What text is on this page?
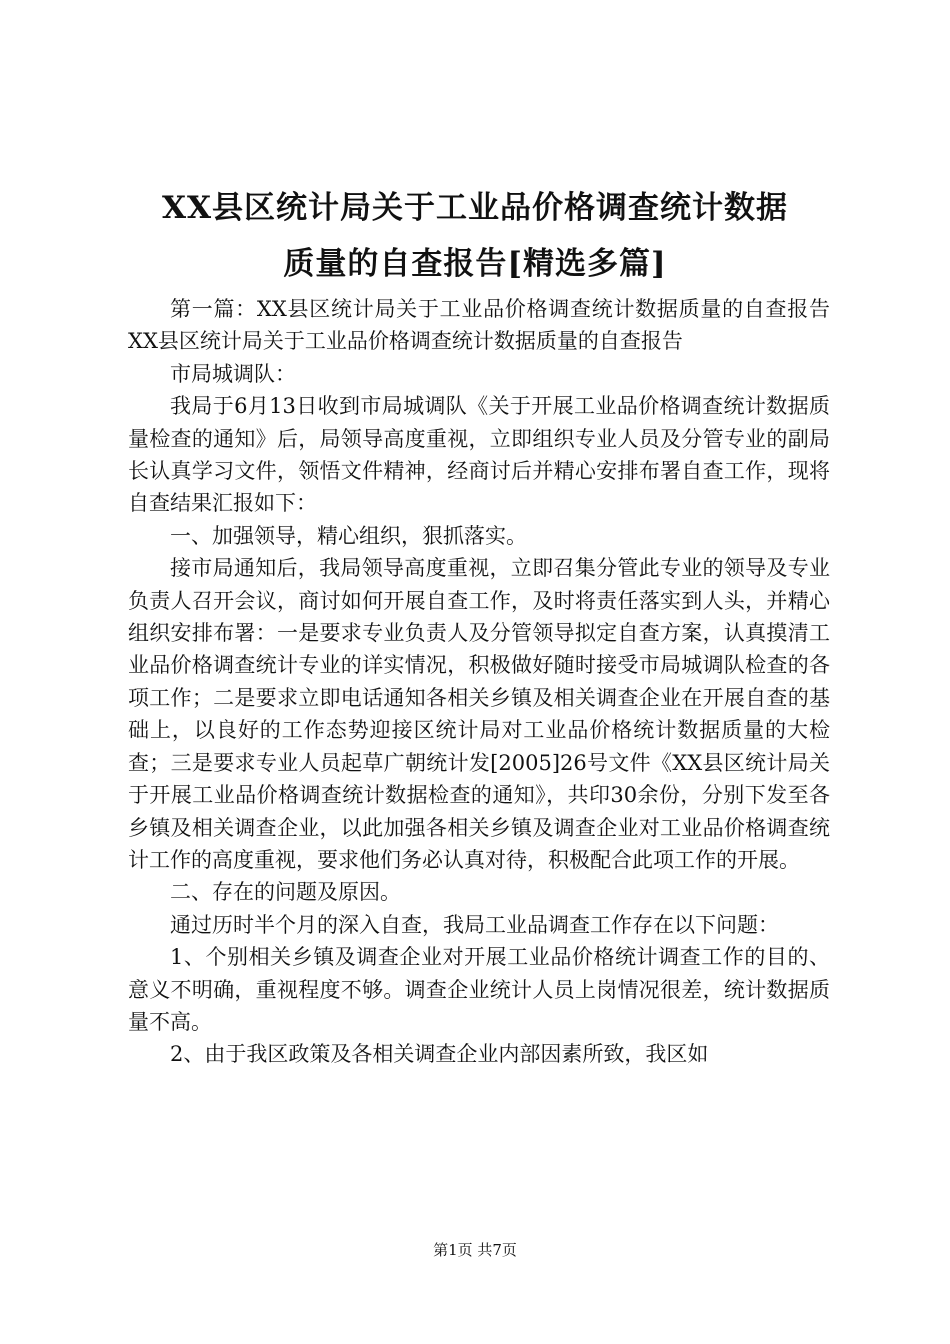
XX县区统计局关于工业品价格调查统计数据
质量的自查报告[精选多篇]

第一篇：XX县区统计局关于工业品价格调查统计数据质量的自查报告XX县区统计局关于工业品价格调查统计数据质量的自查报告

市局城调队：

我局于6月13日收到市局城调队《关于开展工业品价格调查统计数据质量检查的通知》后，局领导高度重视，立即组织专业人员及分管专业的副局长认真学习文件，领悟文件精神，经商讨后并精心安排布署自查工作，现将自查结果汇报如下：

一、加强领导，精心组织，狠抓落实。

接市局通知后，我局领导高度重视，立即召集分管此专业的领导及专业负责人召开会议，商讨如何开展自查工作，及时将责任落实到人头，并精心组织安排布署：一是要求专业负责人及分管领导拟定自查方案，认真摸清工业品价格调查统计专业的详实情况，积极做好随时接受市局城调队检查的各项工作；二是要求立即电话通知各相关乡镇及相关调查企业在开展自查的基础上，以良好的工作态势迎接区统计局对工业品价格统计数据质量的大检查；三是要求专业人员起草广朝统计发[2005]26号文件《XX县区统计局关于开展工业品价格调查统计数据检查的通知》，共印30余份，分别下发至各乡镇及相关调查企业，以此加强各相关乡镇及调查企业对工业品价格调查统计工作的高度重视，要求他们务必认真对待，积极配合此项工作的开展。

二、存在的问题及原因。

通过历时半个月的深入自查，我局工业品调查工作存在以下问题：

1、个别相关乡镇及调查企业对开展工业品价格统计调查工作的目的、意义不明确，重视程度不够。调查企业统计人员上岗情况很差，统计数据质量不高。

2、由于我区政策及各相关调查企业内部因素所致，我区如

第1页 共7页
